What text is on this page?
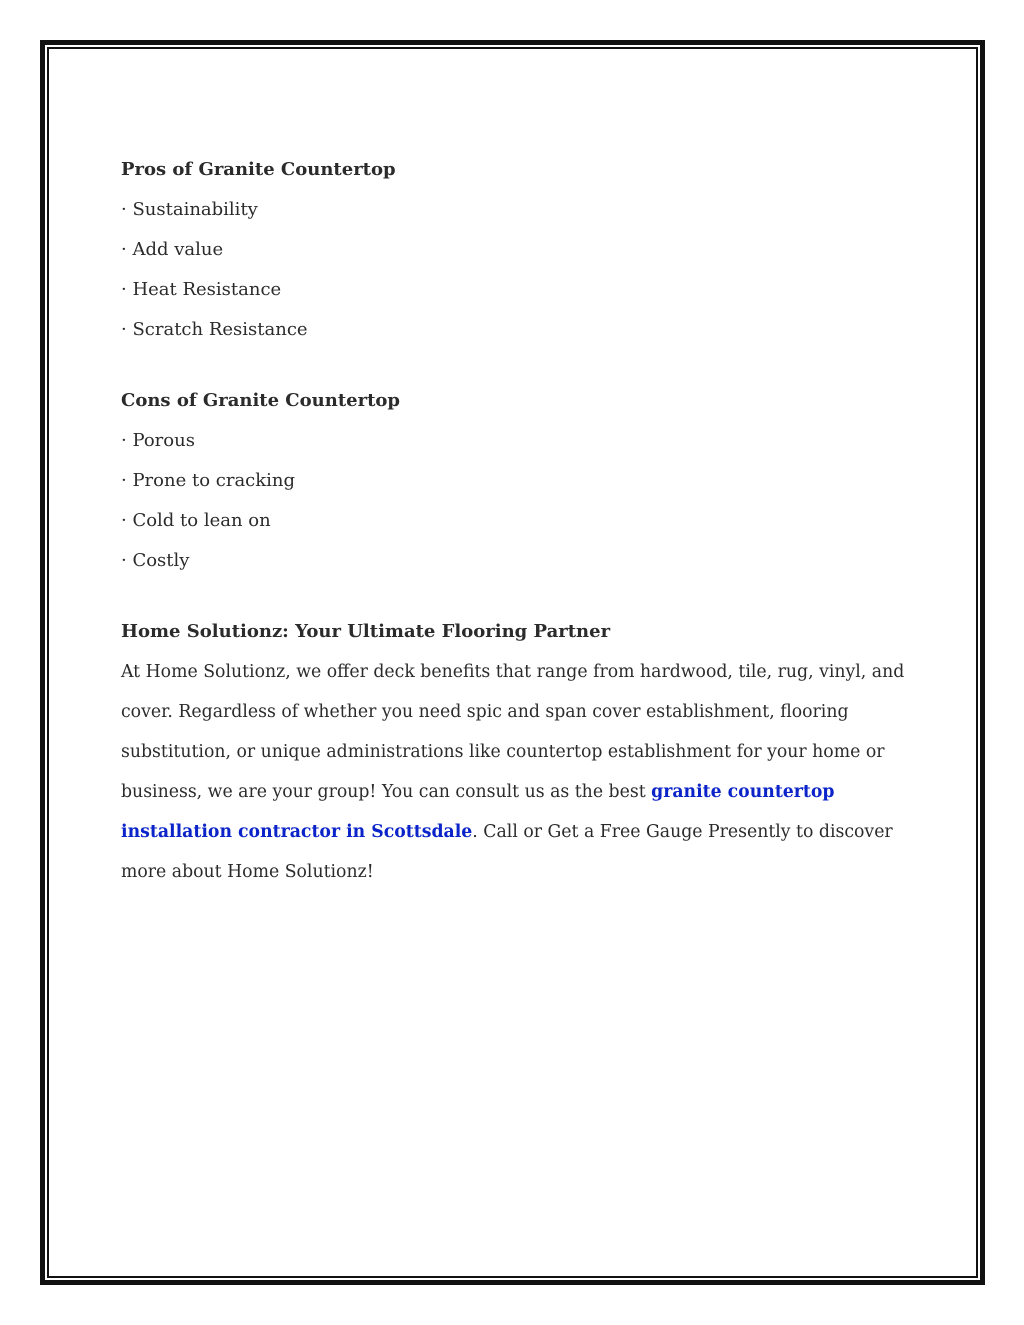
Pros of Granite Countertop
· Sustainability
· Add value
· Heat Resistance
· Scratch Resistance
Cons of Granite Countertop
· Porous
· Prone to cracking
· Cold to lean on
· Costly
Home Solutionz: Your Ultimate Flooring Partner

At Home Solutionz, we offer deck benefits that range from hardwood, tile, rug, vinyl, and cover. Regardless of whether you need spic and span cover establishment, flooring substitution, or unique administrations like countertop establishment for your home or business, we are your group! You can consult us as the best granite countertop installation contractor in Scottsdale. Call or Get a Free Gauge Presently to discover more about Home Solutionz!
